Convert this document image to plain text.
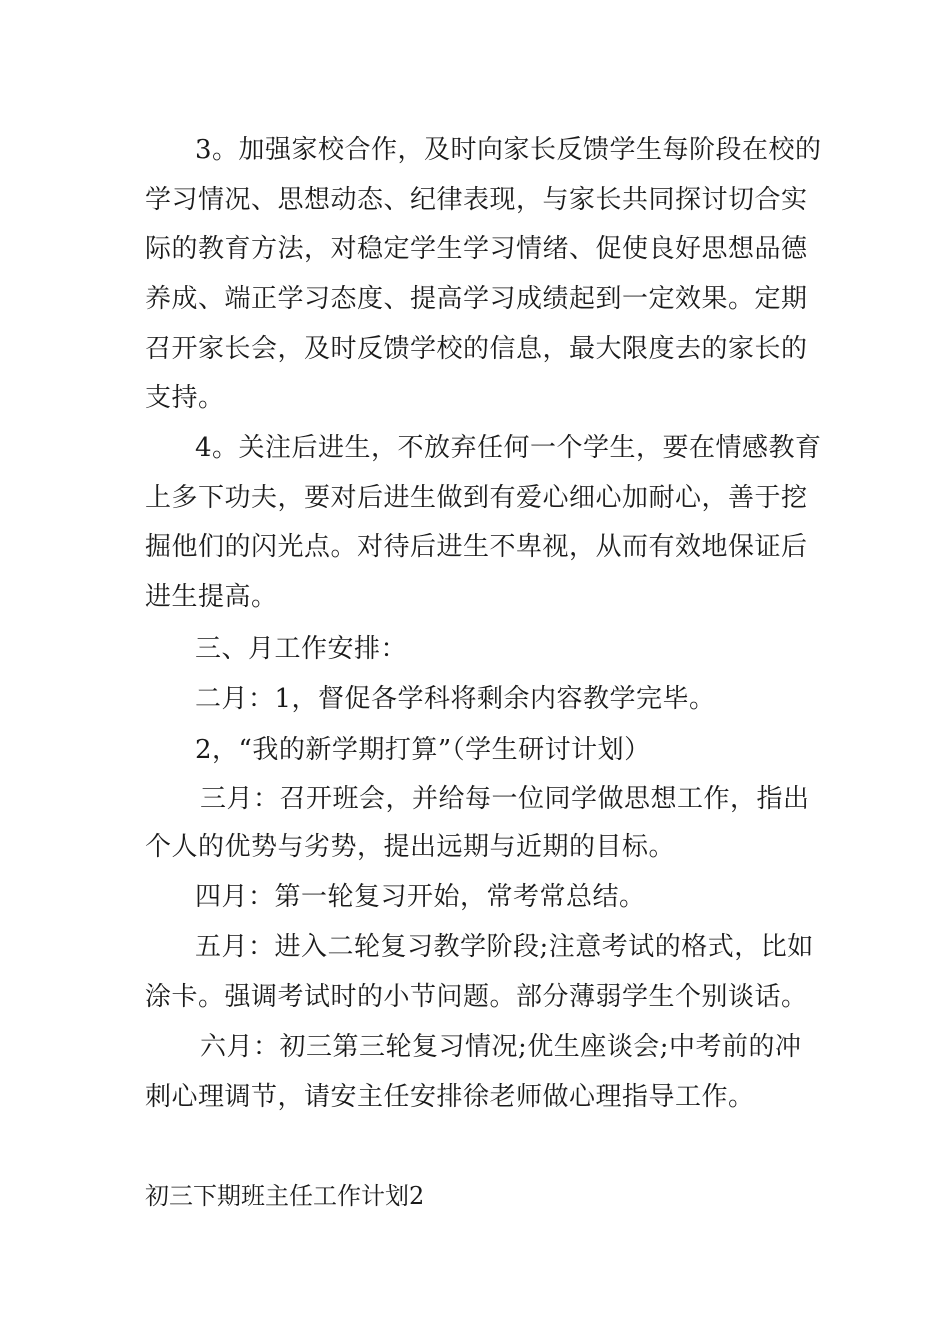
3。加强家校合作，及时向家长反馈学生每阶段在校的
学习情况、思想动态、纪律表现，与家长共同探讨切合实
际的教育方法，对稳定学生学习情绪、促使良好思想品德
养成、端正学习态度、提高学习成绩起到一定效果。定期
召开家长会，及时反馈学校的信息，最大限度去的家长的
支持。
4。关注后进生，不放弃任何一个学生，要在情感教育
上多下功夫，要对后进生做到有爱心细心加耐心，善于挖
掘他们的闪光点。对待后进生不卑视，从而有效地保证后
进生提高。
三、月工作安排：
二月：1，督促各学科将剩余内容教学完毕。
2，“我的新学期打算”（学生研讨计划）
三月：召开班会，并给每一位同学做思想工作，指出
个人的优势与劣势，提出远期与近期的目标。
四月：第一轮复习开始，常考常总结。
五月：进入二轮复习教学阶段;注意考试的格式，比如
涂卡。强调考试时的小节问题。部分薄弱学生个别谈话。
六月：初三第三轮复习情况;优生座谈会;中考前的冲
刺心理调节，请安主任安排徐老师做心理指导工作。
初三下期班主任工作计划2
